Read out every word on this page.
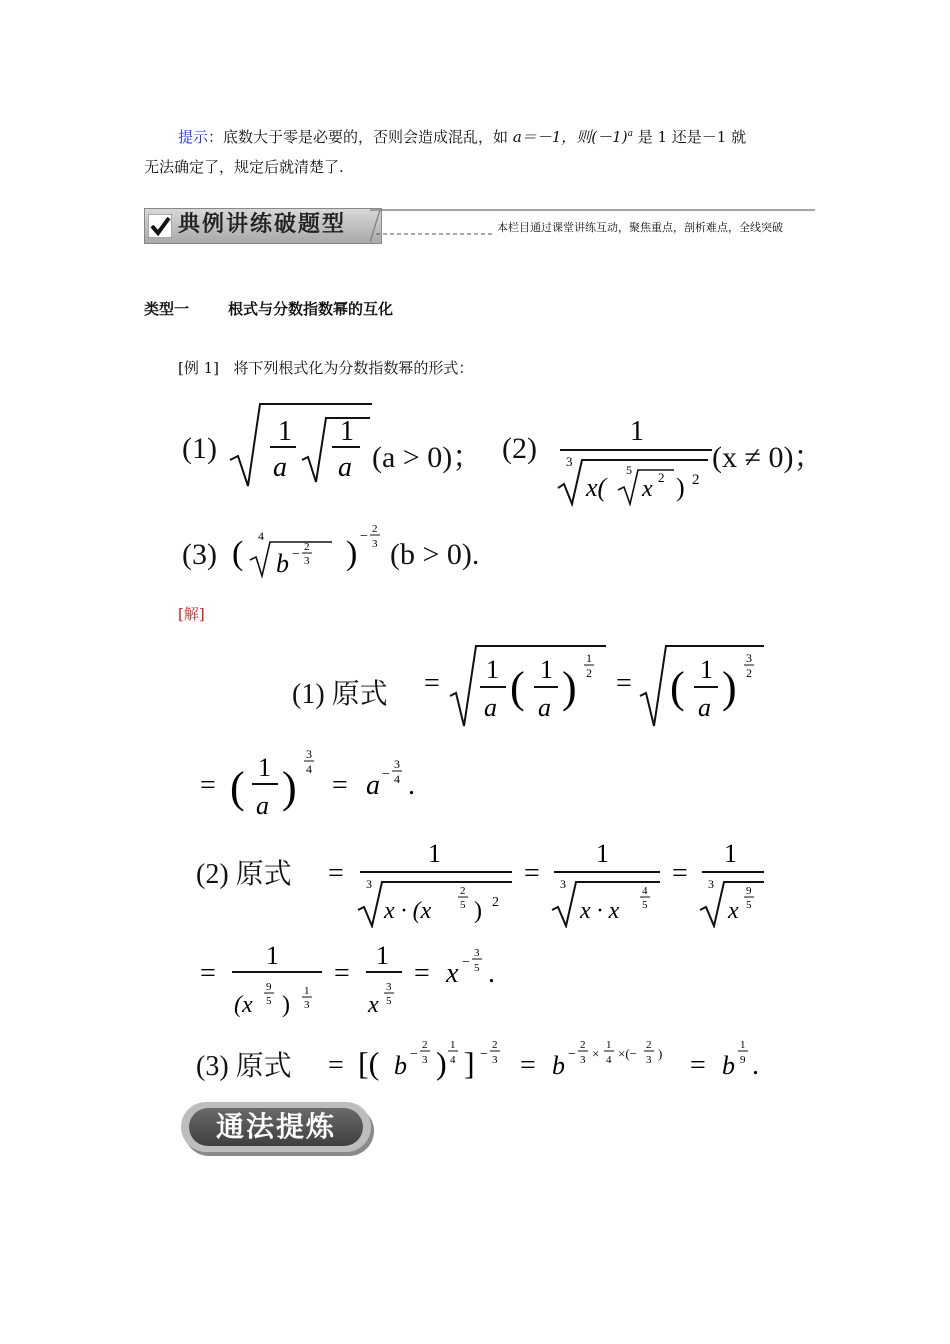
提示：底数大于零是必要的，否则会造成混乱，如 a＝－1，则$(-1)^a$ 是 1 还是－1 就
无法确定了，规定后就清楚了.
典例讲练破题型	本栏目通过课堂讲练互动，聚焦重点，剖析难点，全线突破
类型一	根式与分数指数幂的互化
[例 1] 将下列根式化为分数指数幂的形式：
(1)
1
a
1
a (a > 0)； (2)
1
3
x(
5
x 2 ) 2
(x ≠ 0)；
(3) ( 4
b − 2
3 ) − 2
3 (b > 0).
[解]
(1) 原式 = 1
a ( 1
a )
1
2 = ( 1
a )
3
2
= ( 1
a )
3
4
= a −
3
4 .
(2) 原式 =
1
3
x · (x
2
5 ) 2
=
1
3
x · x
4
5
=
1
3
x
9
5
=
1
(x
9
5 )
1
3
=
1
x
3
5
= x −
3
5 .
(3) 原式 = [( b −
2
3 ) 1
4 ] −
2
3 = b −
2
3 ×
1
4 ×(−
2
3 ) = b
1
9 .
通法提炼
